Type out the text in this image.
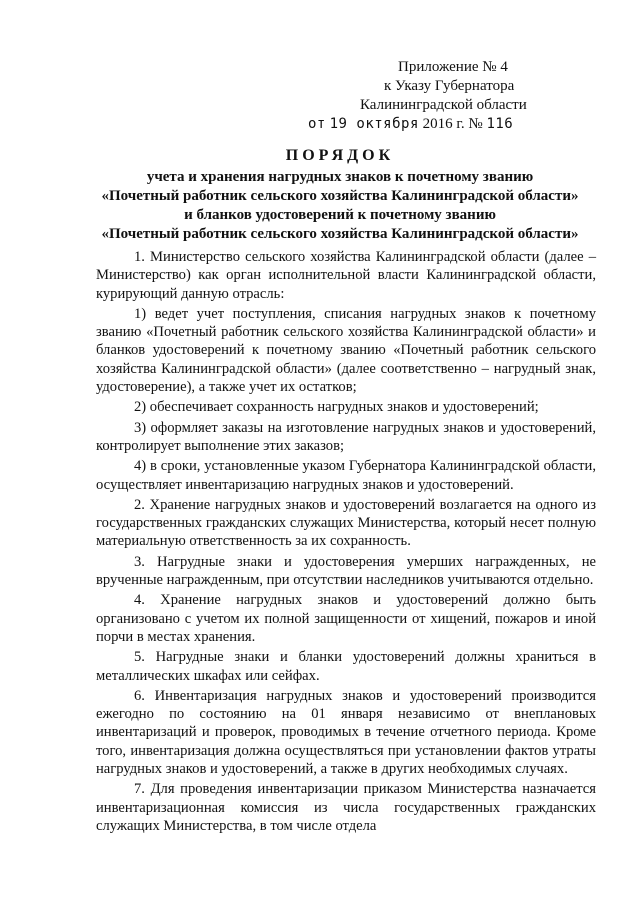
Приложение № 4
к Указу Губернатора
Калининградской области
от 19 октября 2016 г. № 116
ПОРЯДОК
учета и хранения нагрудных знаков к почетному званию
«Почетный работник сельского хозяйства Калининградской области»
и бланков удостоверений к почетному званию
«Почетный работник сельского хозяйства Калининградской области»

1. Министерство сельского хозяйства Калининградской области (далее – Министерство) как орган исполнительной власти Калининградской области, курирующий данную отрасль:

1) ведет учет поступления, списания нагрудных знаков к почетному званию «Почетный работник сельского хозяйства Калининградской области» и бланков удостоверений к почетному званию «Почетный работник сельского хозяйства Калининградской области» (далее соответственно – нагрудный знак, удостоверение), а также учет их остатков;

2) обеспечивает сохранность нагрудных знаков и удостоверений;

3) оформляет заказы на изготовление нагрудных знаков и удостоверений, контролирует выполнение этих заказов;

4) в сроки, установленные указом Губернатора Калининградской области, осуществляет инвентаризацию нагрудных знаков и удостоверений.

2. Хранение нагрудных знаков и удостоверений возлагается на одного из государственных гражданских служащих Министерства, который несет полную материальную ответственность за их сохранность.

3. Нагрудные знаки и удостоверения умерших награжденных, не врученные награжденным, при отсутствии наследников учитываются отдельно.

4. Хранение нагрудных знаков и удостоверений должно быть организовано с учетом их полной защищенности от хищений, пожаров и иной порчи в местах хранения.

5. Нагрудные знаки и бланки удостоверений должны храниться в металлических шкафах или сейфах.

6. Инвентаризация нагрудных знаков и удостоверений производится ежегодно по состоянию на 01 января независимо от внеплановых инвентаризаций и проверок, проводимых в течение отчетного периода. Кроме того, инвентаризация должна осуществляться при установлении фактов утраты нагрудных знаков и удостоверений, а также в других необходимых случаях.

7. Для проведения инвентаризации приказом Министерства назначается инвентаризационная комиссия из числа государственных гражданских служащих Министерства, в том числе отдела
